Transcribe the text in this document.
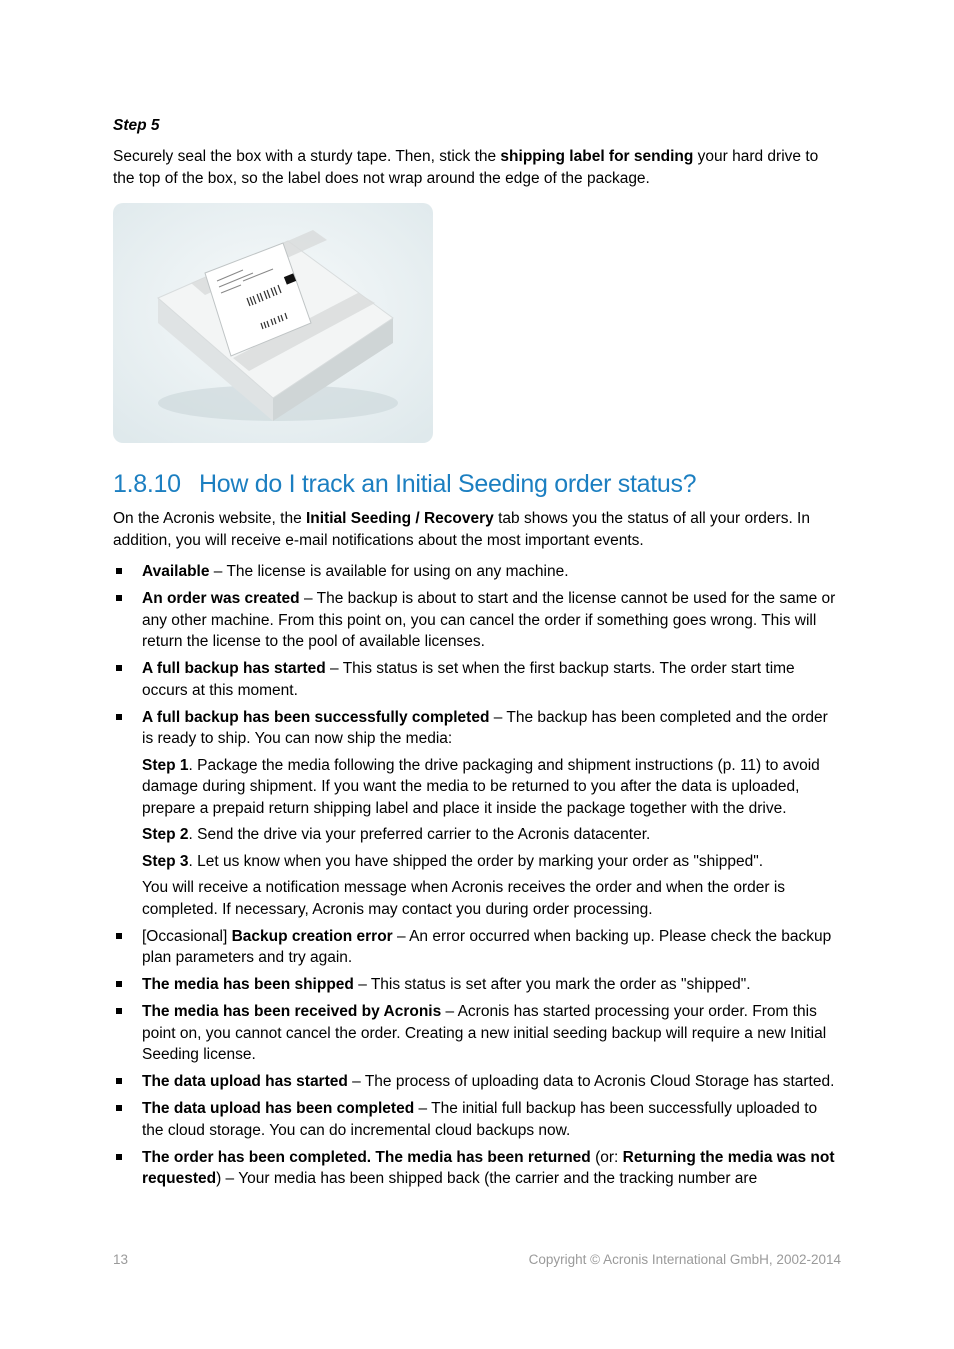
Step 5
Securely seal the box with a sturdy tape. Then, stick the shipping label for sending your hard drive to the top of the box, so the label does not wrap around the edge of the package.
1.8.10 How do I track an Initial Seeding order status?
On the Acronis website, the Initial Seeding / Recovery tab shows you the status of all your orders. In addition, you will receive e-mail notifications about the most important events.
Available – The license is available for using on any machine.
An order was created – The backup is about to start and the license cannot be used for the same or any other machine. From this point on, you can cancel the order if something goes wrong. This will return the license to the pool of available licenses.
A full backup has started – This status is set when the first backup starts. The order start time occurs at this moment.
A full backup has been successfully completed – The backup has been completed and the order is ready to ship. You can now ship the media:
Step 1. Package the media following the drive packaging and shipment instructions (p. 11) to avoid damage during shipment. If you want the media to be returned to you after the data is uploaded, prepare a prepaid return shipping label and place it inside the package together with the drive.
Step 2. Send the drive via your preferred carrier to the Acronis datacenter.
Step 3. Let us know when you have shipped the order by marking your order as "shipped".
You will receive a notification message when Acronis receives the order and when the order is completed. If necessary, Acronis may contact you during order processing.
[Occasional] Backup creation error – An error occurred when backing up. Please check the backup plan parameters and try again.
The media has been shipped – This status is set after you mark the order as "shipped".
The media has been received by Acronis – Acronis has started processing your order. From this point on, you cannot cancel the order. Creating a new initial seeding backup will require a new Initial Seeding license.
The data upload has started – The process of uploading data to Acronis Cloud Storage has started.
The data upload has been completed – The initial full backup has been successfully uploaded to the cloud storage. You can do incremental cloud backups now.
The order has been completed. The media has been returned (or: Returning the media was not requested) – Your media has been shipped back (the carrier and the tracking number are
13	Copyright © Acronis International GmbH, 2002-2014
